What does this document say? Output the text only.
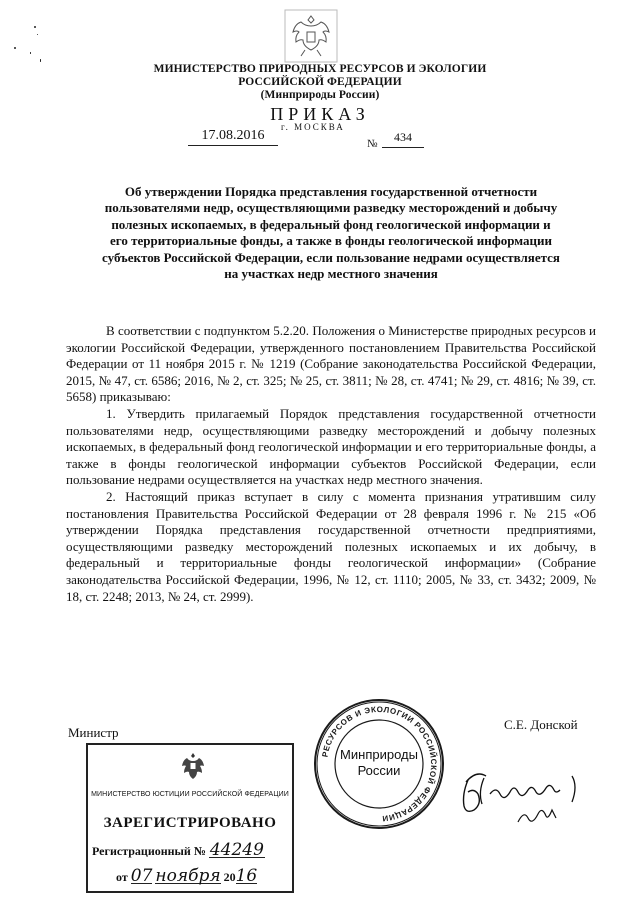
МИНИСТЕРСТВО ПРИРОДНЫХ РЕСУРСОВ И ЭКОЛОГИИ
РОССИЙСКОЙ ФЕДЕРАЦИИ
(Минприроды России)
ПРИКАЗ
17.08.2016
г. МОСКВА
№	434
Об утверждении Порядка представления государственной отчетности
пользователями недр, осуществляющими разведку месторождений и добычу
полезных ископаемых, в федеральный фонд геологической информации и
его территориальные фонды, а также в фонды геологической информации
субъектов Российской Федерации, если пользование недрами осуществляется
на участках недр местного значения

В соответствии с подпунктом 5.2.20. Положения о Министерстве природных ресурсов и экологии Российской Федерации, утвержденного постановлением Правительства Российской Федерации от 11 ноября 2015 г. № 1219 (Собрание законодательства Российской Федерации, 2015, № 47, ст. 6586; 2016, № 2, ст. 325; № 25, ст. 3811; № 28, ст. 4741; № 29, ст. 4816; № 39, ст. 5658) приказываю:

1. Утвердить прилагаемый Порядок представления государственной отчетности пользователями недр, осуществляющими разведку месторождений и добычу полезных ископаемых, в федеральный фонд геологической информации и его территориальные фонды, а также в фонды геологической информации субъектов Российской Федерации, если пользование недрами осуществляется на участках недр местного значения.

2. Настоящий приказ вступает в силу с момента признания утратившим силу постановления Правительства Российской Федерации от 28 февраля 1996 г. № 215 «Об утверждении Порядка представления государственной отчетности предприятиями, осуществляющими разведку месторождений полезных ископаемых и их добычу, в федеральный и территориальные фонды геологической информации» (Собрание законодательства Российской Федерации, 1996, № 12, ст. 1110; 2005, № 33, ст. 3432; 2009, № 18, ст. 2248; 2013, № 24, ст. 2999).

Министр
С.Е. Донской
РЕСУРСОВ И ЭКОЛОГИИ РОССИЙСКОЙ ФЕДЕРАЦИИ
Минприроды
России
МИНИСТЕРСТВО ЮСТИЦИИ РОССИЙСКОЙ ФЕДЕРАЦИИ
ЗАРЕГИСТРИРОВАНО
Регистрационный № 44249
от 07 ноября 2016
